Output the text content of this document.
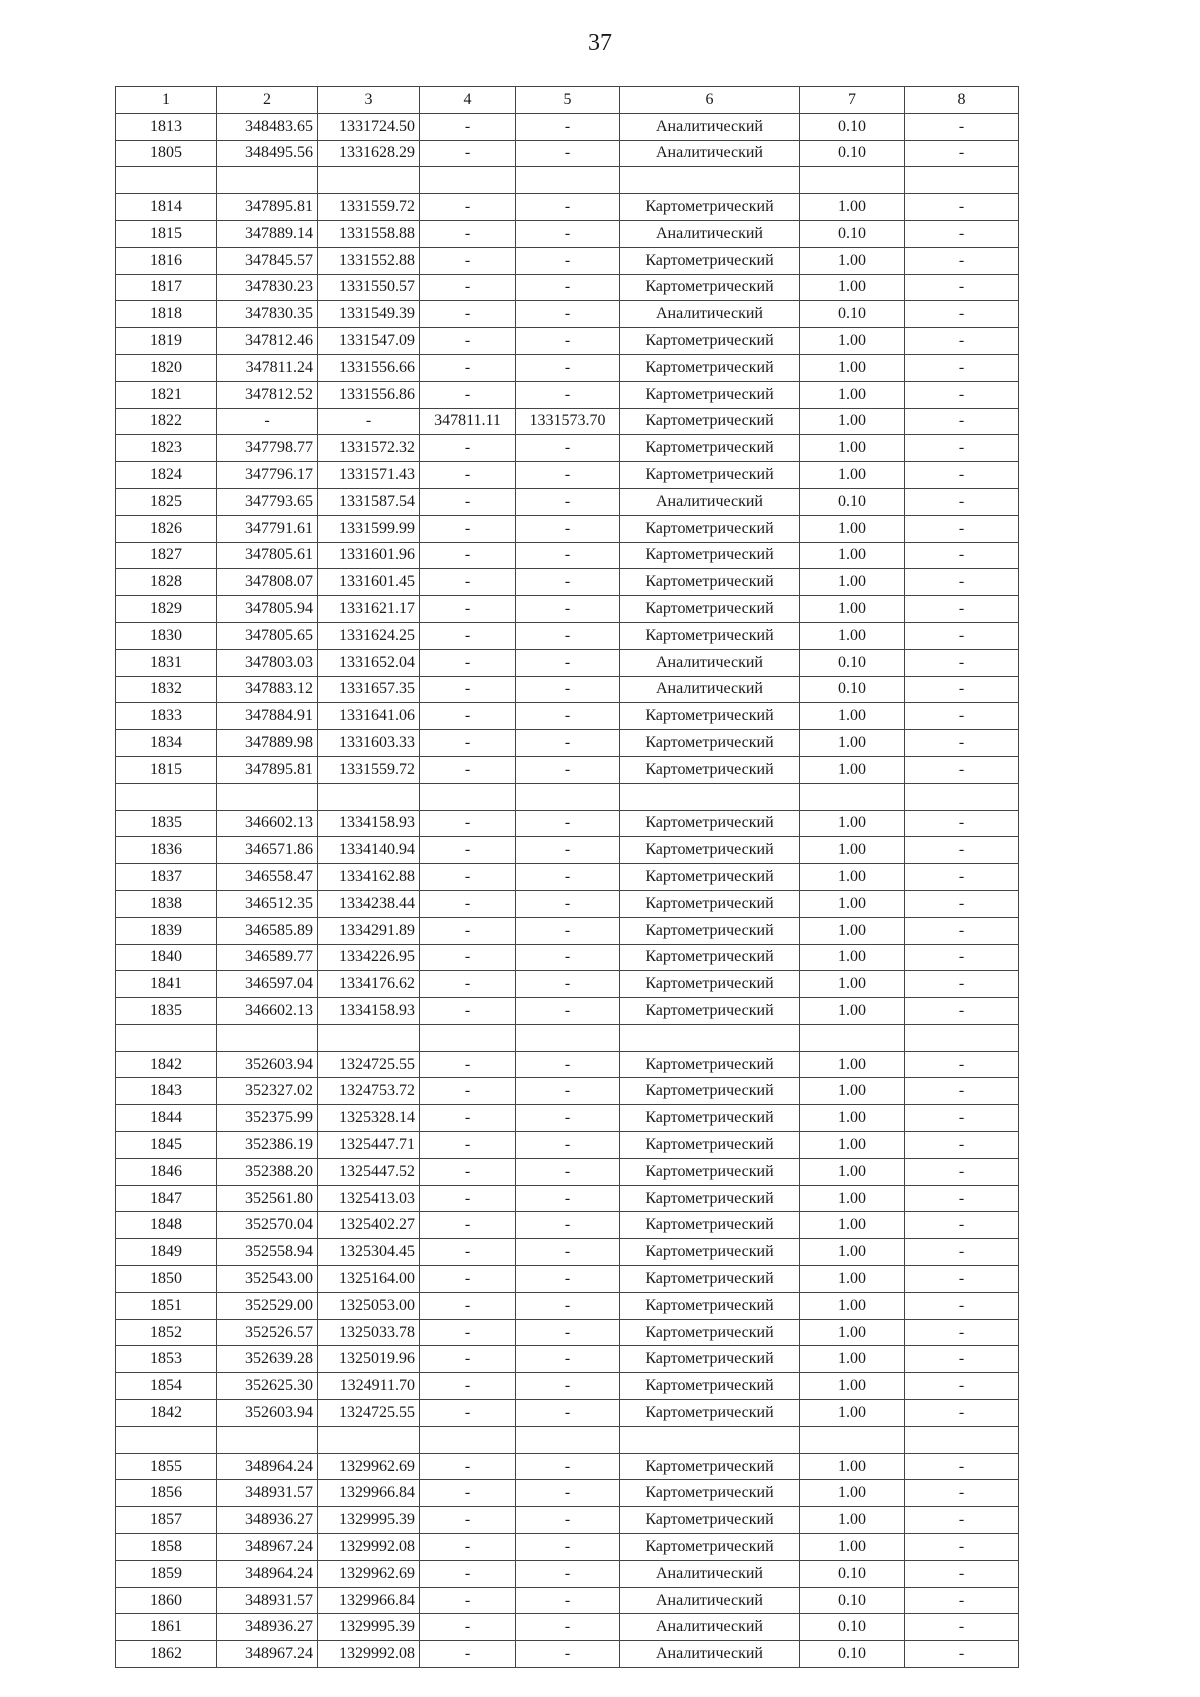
37
1	2	3	4	5	6	7	8
1813	348483.65	1331724.50	-	-	Аналитический	0.10	-
1805	348495.56	1331628.29	-	-	Аналитический	0.10	-

1814	347895.81	1331559.72	-	-	Картометрический	1.00	-
1815	347889.14	1331558.88	-	-	Аналитический	0.10	-
1816	347845.57	1331552.88	-	-	Картометрический	1.00	-
1817	347830.23	1331550.57	-	-	Картометрический	1.00	-
1818	347830.35	1331549.39	-	-	Аналитический	0.10	-
1819	347812.46	1331547.09	-	-	Картометрический	1.00	-
1820	347811.24	1331556.66	-	-	Картометрический	1.00	-
1821	347812.52	1331556.86	-	-	Картометрический	1.00	-
1822	-	-	347811.11	1331573.70	Картометрический	1.00	-
1823	347798.77	1331572.32	-	-	Картометрический	1.00	-
1824	347796.17	1331571.43	-	-	Картометрический	1.00	-
1825	347793.65	1331587.54	-	-	Аналитический	0.10	-
1826	347791.61	1331599.99	-	-	Картометрический	1.00	-
1827	347805.61	1331601.96	-	-	Картометрический	1.00	-
1828	347808.07	1331601.45	-	-	Картометрический	1.00	-
1829	347805.94	1331621.17	-	-	Картометрический	1.00	-
1830	347805.65	1331624.25	-	-	Картометрический	1.00	-
1831	347803.03	1331652.04	-	-	Аналитический	0.10	-
1832	347883.12	1331657.35	-	-	Аналитический	0.10	-
1833	347884.91	1331641.06	-	-	Картометрический	1.00	-
1834	347889.98	1331603.33	-	-	Картометрический	1.00	-
1815	347895.81	1331559.72	-	-	Картометрический	1.00	-

1835	346602.13	1334158.93	-	-	Картометрический	1.00	-
1836	346571.86	1334140.94	-	-	Картометрический	1.00	-
1837	346558.47	1334162.88	-	-	Картометрический	1.00	-
1838	346512.35	1334238.44	-	-	Картометрический	1.00	-
1839	346585.89	1334291.89	-	-	Картометрический	1.00	-
1840	346589.77	1334226.95	-	-	Картометрический	1.00	-
1841	346597.04	1334176.62	-	-	Картометрический	1.00	-
1835	346602.13	1334158.93	-	-	Картометрический	1.00	-

1842	352603.94	1324725.55	-	-	Картометрический	1.00	-
1843	352327.02	1324753.72	-	-	Картометрический	1.00	-
1844	352375.99	1325328.14	-	-	Картометрический	1.00	-
1845	352386.19	1325447.71	-	-	Картометрический	1.00	-
1846	352388.20	1325447.52	-	-	Картометрический	1.00	-
1847	352561.80	1325413.03	-	-	Картометрический	1.00	-
1848	352570.04	1325402.27	-	-	Картометрический	1.00	-
1849	352558.94	1325304.45	-	-	Картометрический	1.00	-
1850	352543.00	1325164.00	-	-	Картометрический	1.00	-
1851	352529.00	1325053.00	-	-	Картометрический	1.00	-
1852	352526.57	1325033.78	-	-	Картометрический	1.00	-
1853	352639.28	1325019.96	-	-	Картометрический	1.00	-
1854	352625.30	1324911.70	-	-	Картометрический	1.00	-
1842	352603.94	1324725.55	-	-	Картометрический	1.00	-

1855	348964.24	1329962.69	-	-	Картометрический	1.00	-
1856	348931.57	1329966.84	-	-	Картометрический	1.00	-
1857	348936.27	1329995.39	-	-	Картометрический	1.00	-
1858	348967.24	1329992.08	-	-	Картометрический	1.00	-
1859	348964.24	1329962.69	-	-	Аналитический	0.10	-
1860	348931.57	1329966.84	-	-	Аналитический	0.10	-
1861	348936.27	1329995.39	-	-	Аналитический	0.10	-
1862	348967.24	1329992.08	-	-	Аналитический	0.10	-
